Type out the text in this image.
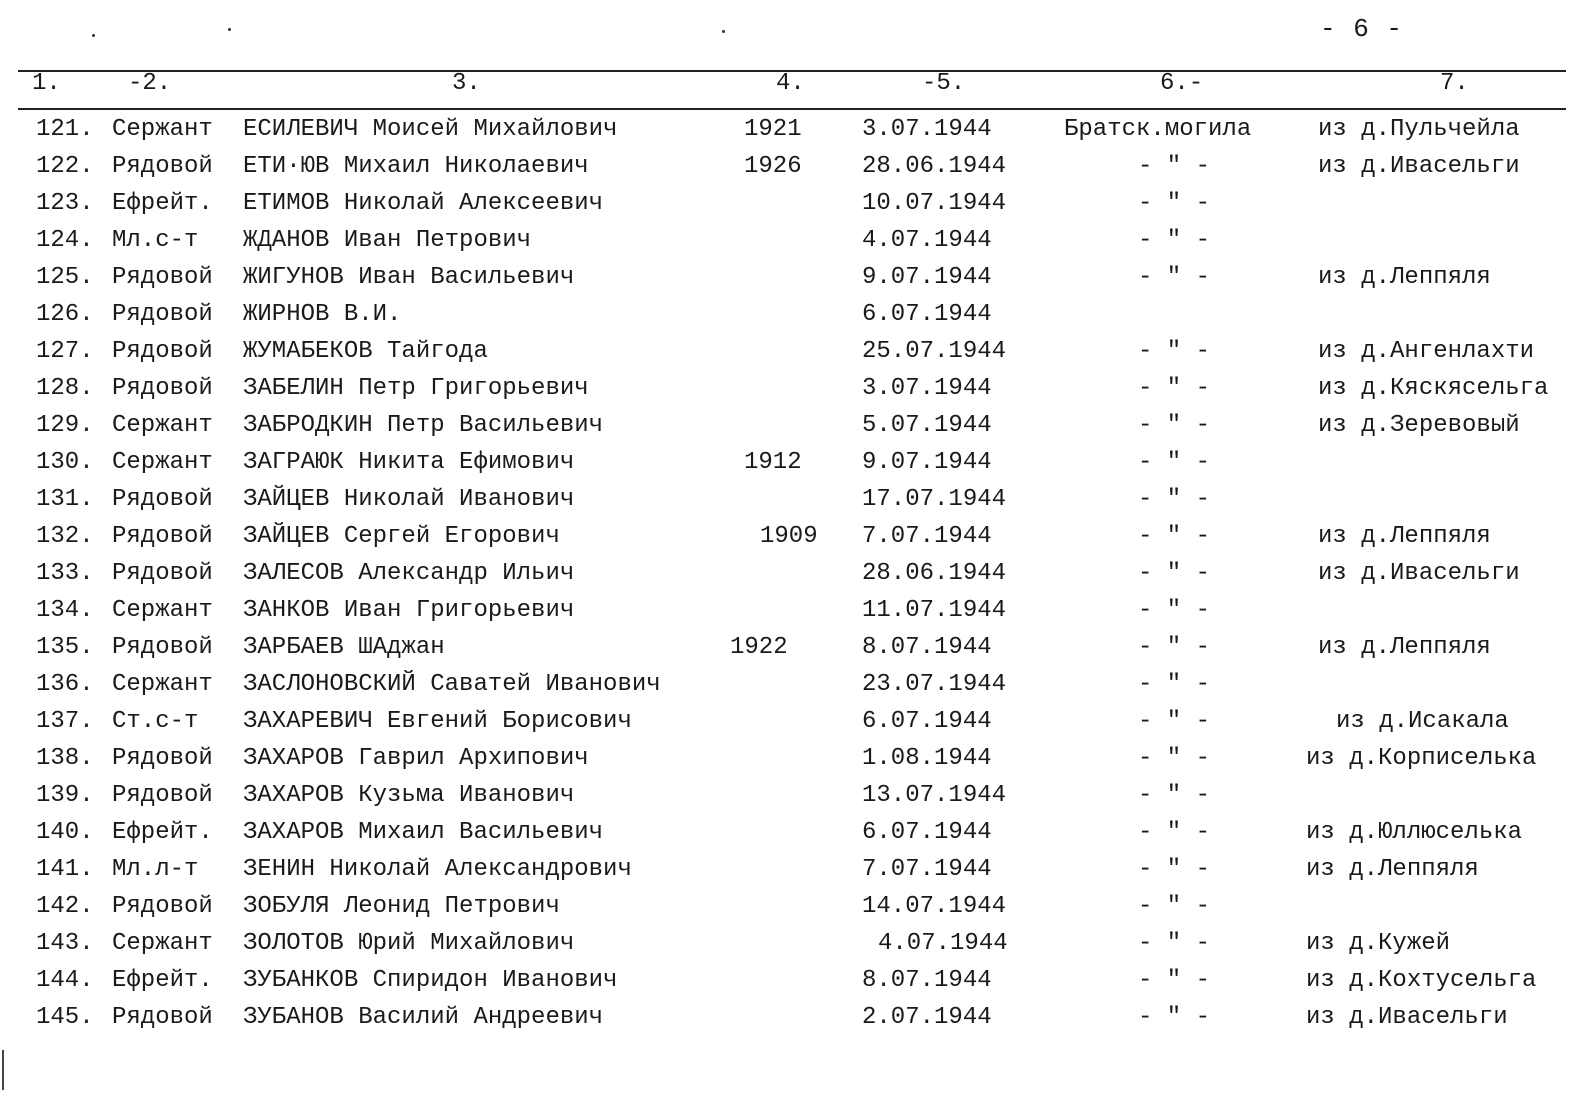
- 6 -
1.	-2.	3.	4.	-5.	6.-	7.
121. Сержант ЕСИЛЕВИЧ Моисей Михайлович	1921	3.07.1944	Братск.могила	из д.Пульчейла
122. Рядовой ЕТИ·ЮВ Михаил Николаевич	1926	28.06.1944	- " -	из д.Ивасельги
123. Ефрейт. ЕТИМОВ Николай Алексеевич	10.07.1944	- " -
124. Мл.с-т ЖДАНОВ Иван Петрович	4.07.1944	- " -
125. Рядовой ЖИГУНОВ Иван Васильевич	9.07.1944	- " -	из д.Леппяля
126. Рядовой ЖИРНОВ В.И.	6.07.1944
127. Рядовой ЖУМАБЕКОВ Тайгода	25.07.1944	- " -	из д.Ангенлахти
128. Рядовой ЗАБЕЛИН Петр Григорьевич	3.07.1944	- " -	из д.Кяскясельга
129. Сержант ЗАБРОДКИН Петр Васильевич	5.07.1944	- " -	из д.Зеревовый
130. Сержант ЗАГРАЮК Никита Ефимович	1912	9.07.1944	- " -
131. Рядовой ЗАЙЦЕВ Николай Иванович	17.07.1944	- " -
132. Рядовой ЗАЙЦЕВ Сергей Егорович	1909 7.07.1944	- " -	из д.Леппяля
133. Рядовой ЗАЛЕСОВ Александр Ильич	28.06.1944	- " -	из д.Ивасельги
134. Сержант ЗАНКОВ Иван Григорьевич	11.07.1944	- " -
135. Рядовой ЗАРБАЕВ ШАджан	1922	8.07.1944	- " -	из д.Леппяля
136. Сержант ЗАСЛОНОВСКИЙ Саватей Иванович	23.07.1944	- " -
137. Ст.с-т ЗАХАРЕВИЧ Евгений Борисович	6.07.1944	- " -	из д.Исакала
138. Рядовой ЗАХАРОВ Гаврил Архипович	1.08.1944	- " -	из д.Корписелька
139. Рядовой ЗАХАРОВ Кузьма Иванович	13.07.1944	- " -
140. Ефрейт. ЗАХАРОВ Михаил Васильевич	6.07.1944	- " -	из д.Юллюселька
141. Мл.л-т ЗЕНИН Николай Александрович	7.07.1944	- " -	из д.Леппяля
142. Рядовой ЗОБУЛЯ Леонид Петрович	14.07.1944	- " -
143. Сержант ЗОЛОТОВ Юрий Михайлович	4.07.1944	- " -	из д.Кужей
144. Ефрейт. ЗУБАНКОВ Спиридон Иванович	8.07.1944	- " -	из д.Кохтусельга
145. Рядовой ЗУБАНОВ Василий Андреевич	2.07.1944	- " -	из д.Ивасельги
